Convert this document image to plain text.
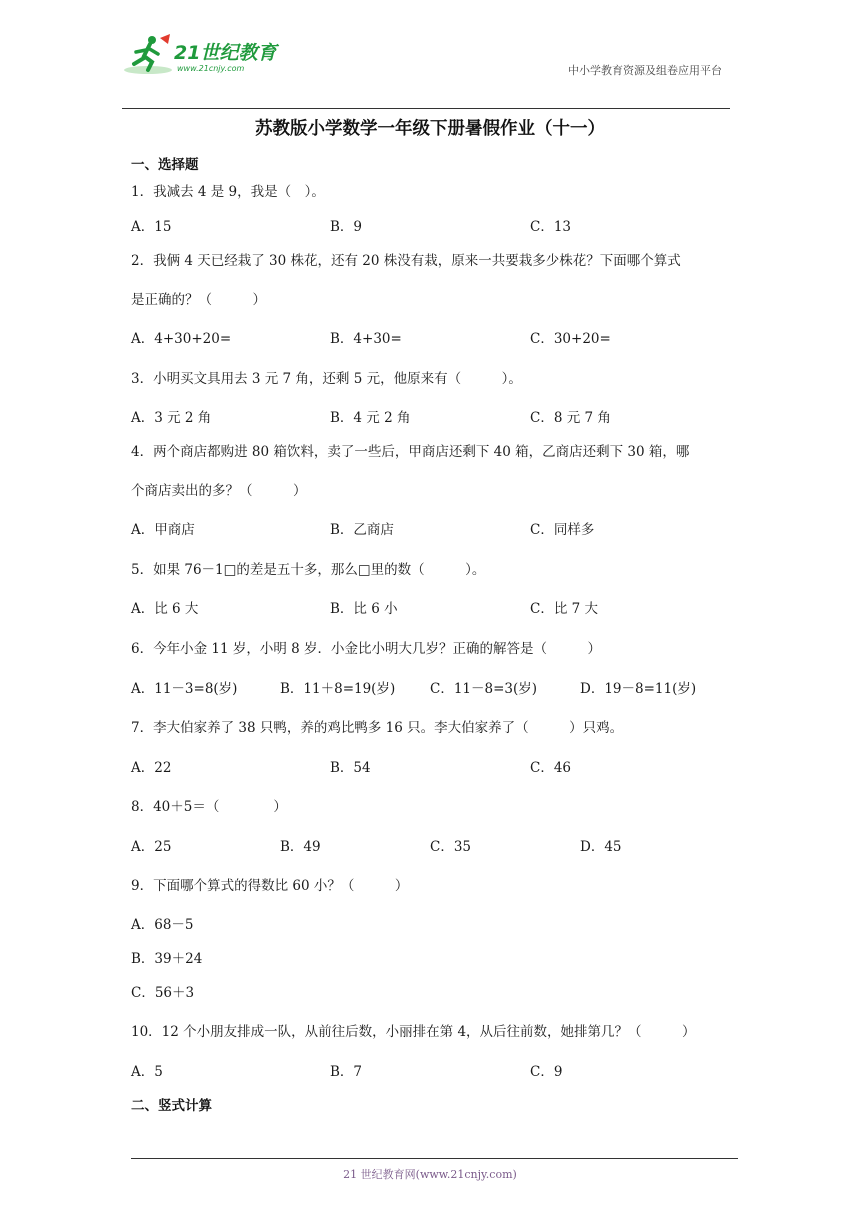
21世纪教育
www.21cnjy.com	中小学教育资源及组卷应用平台
苏教版小学数学一年级下册暑假作业（十一）
一、选择题
1．我减去 4 是 9，我是（　）。
A．15	B．9	C．13
2．我俩 4 天已经栽了 30 株花，还有 20 株没有栽，原来一共要栽多少株花？下面哪个算式
是正确的？（　　　）
A．4+30+20=	B．4+30=	C．30+20=
3．小明买文具用去 3 元 7 角，还剩 5 元，他原来有（　　　）。
A．3 元 2 角	B．4 元 2 角	C．8 元 7 角
4．两个商店都购进 80 箱饮料，卖了一些后，甲商店还剩下 40 箱，乙商店还剩下 30 箱，哪
个商店卖出的多？（　　　）
A．甲商店	B．乙商店	C．同样多
5．如果 76－1□的差是五十多，那么□里的数（　　　）。
A．比 6 大	B．比 6 小	C．比 7 大
6．今年小金 11 岁，小明 8 岁．小金比小明大几岁？正确的解答是（　　　）
A．11－3=8(岁)	B．11＋8=19(岁)	C．11－8=3(岁)	D．19－8=11(岁)
7．李大伯家养了 38 只鸭，养的鸡比鸭多 16 只。李大伯家养了（　　　）只鸡。
A．22	B．54	C．46
8．40＋5＝（　　　　）
A．25	B．49	C．35	D．45
9．下面哪个算式的得数比 60 小？（　　　）
A．68－5
B．39＋24
C．56＋3
10．12 个小朋友排成一队，从前往后数，小丽排在第 4，从后往前数，她排第几？（　　　）
A．5	B．7	C．9
二、竖式计算
21 世纪教育网(www.21cnjy.com)
